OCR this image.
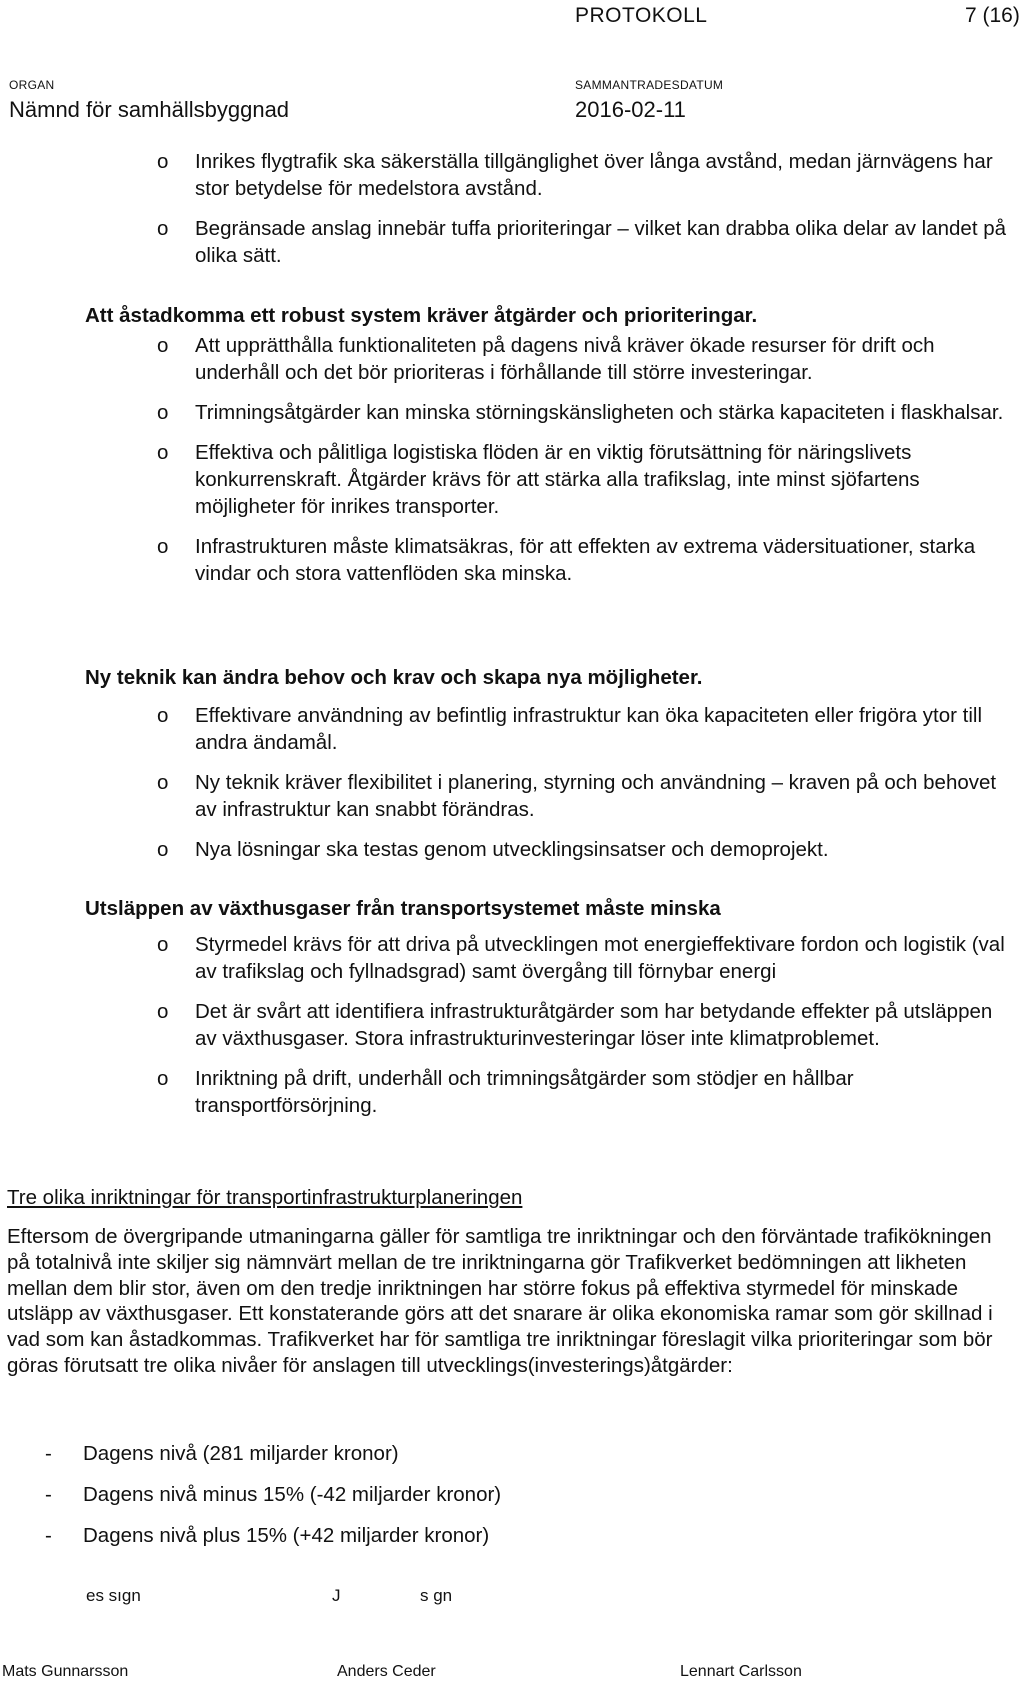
PROTOKOLL	7 (16)
ORGAN
Nämnd för samhällsbyggnad
SAMMANTRADESDATUM
2016-02-11
o Inrikes flygtrafik ska säkerställa tillgänglighet över långa avstånd, medan järnvägens har stor betydelse för medelstora avstånd.
o Begränsade anslag innebär tuffa prioriteringar – vilket kan drabba olika delar av landet på olika sätt.
Att åstadkomma ett robust system kräver åtgärder och prioriteringar.
o Att upprätthålla funktionaliteten på dagens nivå kräver ökade resurser för drift och underhåll och det bör prioriteras i förhållande till större investeringar.
o Trimningsåtgärder kan minska störningskänsligheten och stärka kapaciteten i flaskhalsar.
o Effektiva och pålitliga logistiska flöden är en viktig förutsättning för näringslivets konkurrenskraft. Åtgärder krävs för att stärka alla trafikslag, inte minst sjöfartens möjligheter för inrikes transporter.
o Infrastrukturen måste klimatsäkras, för att effekten av extrema vädersituationer, starka vindar och stora vattenflöden ska minska.
Ny teknik kan ändra behov och krav och skapa nya möjligheter.
o Effektivare användning av befintlig infrastruktur kan öka kapaciteten eller frigöra ytor till andra ändamål.
o Ny teknik kräver flexibilitet i planering, styrning och användning – kraven på och behovet av infrastruktur kan snabbt förändras.
o Nya lösningar ska testas genom utvecklingsinsatser och demoprojekt.
Utsläppen av växthusgaser från transportsystemet måste minska
o Styrmedel krävs för att driva på utvecklingen mot energieffektivare fordon och logistik (val av trafikslag och fyllnadsgrad) samt övergång till förnybar energi
o Det är svårt att identifiera infrastrukturåtgärder som har betydande effekter på utsläppen av växthusgaser. Stora infrastrukturinvesteringar löser inte klimatproblemet.
o Inriktning på drift, underhåll och trimningsåtgärder som stödjer en hållbar transportförsörjning.
Tre olika inriktningar för transportinfrastrukturplaneringen
Eftersom de övergripande utmaningarna gäller för samtliga tre inriktningar och den förväntade trafikökningen på totalnivå inte skiljer sig nämnvärt mellan de tre inriktningarna gör Trafikverket bedömningen att likheten mellan dem blir stor, även om den tredje inriktningen har större fokus på effektiva styrmedel för minskade utsläpp av växthusgaser. Ett konstaterande görs att det snarare är olika ekonomiska ramar som gör skillnad i vad som kan åstadkommas. Trafikverket har för samtliga tre inriktningar föreslagit vilka prioriteringar som bör göras förutsatt tre olika nivåer för anslagen till utvecklings(investerings)åtgärder:
- Dagens nivå (281 miljarder kronor)
- Dagens nivå minus 15% (-42 miljarder kronor)
- Dagens nivå plus 15% (+42 miljarder kronor)
es sıgn	J	s gn
Mats Gunnarsson	Anders Ceder	Lennart Carlsson
